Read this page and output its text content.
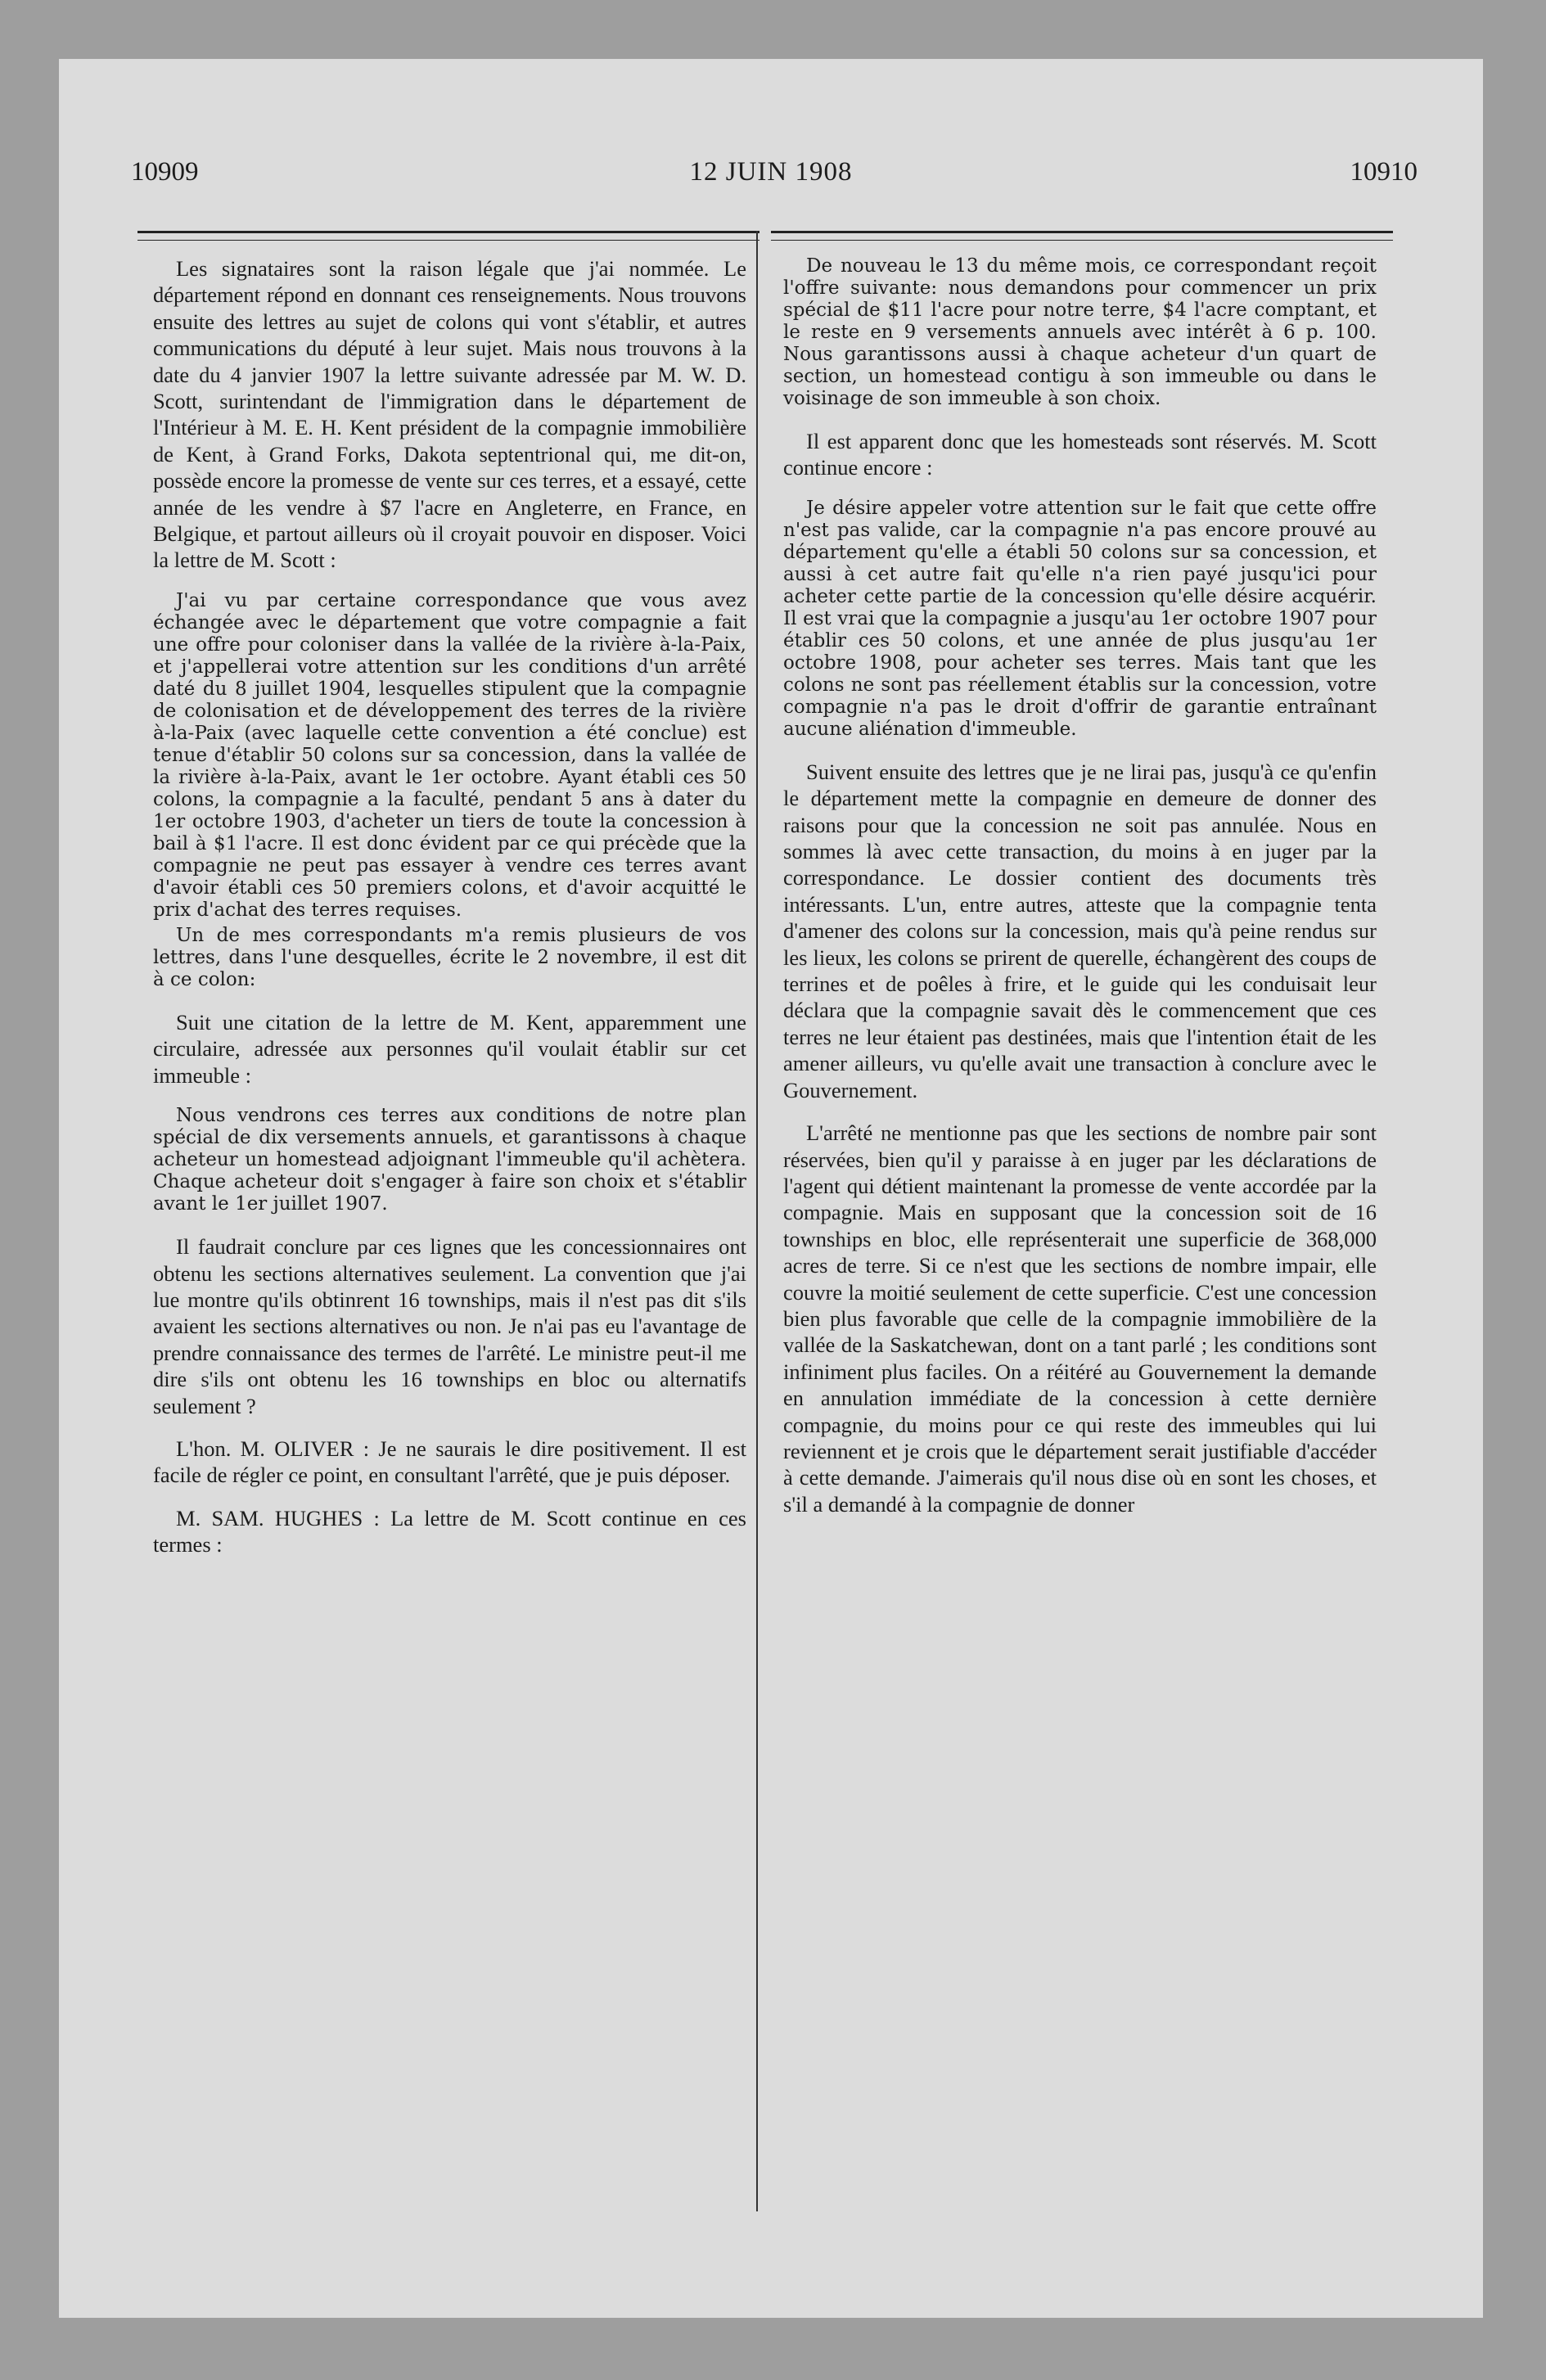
10909	12 JUIN 1908	10910

Les signataires sont la raison légale que j'ai nommée. Le département répond en donnant ces renseignements. Nous trouvons ensuite des lettres au sujet de colons qui vont s'établir, et autres communications du député à leur sujet. Mais nous trouvons à la date du 4 janvier 1907 la lettre suivante adressée par M. W. D. Scott, surintendant de l'immigration dans le département de l'Intérieur à M. E. H. Kent président de la compagnie immobilière de Kent, à Grand Forks, Dakota septentrional qui, me dit-on, possède encore la promesse de vente sur ces terres, et a essayé, cette année de les vendre à $7 l'acre en Angleterre, en France, en Belgique, et partout ailleurs où il croyait pouvoir en disposer. Voici la lettre de M. Scott :

J'ai vu par certaine correspondance que vous avez échangée avec le département que votre compagnie a fait une offre pour coloniser dans la vallée de la rivière à-la-Paix, et j'appellerai votre attention sur les conditions d'un arrêté daté du 8 juillet 1904, lesquelles stipulent que la compagnie de colonisation et de développement des terres de la rivière à-la-Paix (avec laquelle cette convention a été conclue) est tenue d'établir 50 colons sur sa concession, dans la vallée de la rivière à-la-Paix, avant le 1er octobre. Ayant établi ces 50 colons, la compagnie a la faculté, pendant 5 ans à dater du 1er octobre 1903, d'acheter un tiers de toute la concession à bail à $1 l'acre. Il est donc évident par ce qui précède que la compagnie ne peut pas essayer à vendre ces terres avant d'avoir établi ces 50 premiers colons, et d'avoir acquitté le prix d'achat des terres requises.

Un de mes correspondants m'a remis plusieurs de vos lettres, dans l'une desquelles, écrite le 2 novembre, il est dit à ce colon:

Suit une citation de la lettre de M. Kent, apparemment une circulaire, adressée aux personnes qu'il voulait établir sur cet immeuble :

Nous vendrons ces terres aux conditions de notre plan spécial de dix versements annuels, et garantissons à chaque acheteur un homestead adjoignant l'immeuble qu'il achètera. Chaque acheteur doit s'engager à faire son choix et s'établir avant le 1er juillet 1907.

Il faudrait conclure par ces lignes que les concessionnaires ont obtenu les sections alternatives seulement. La convention que j'ai lue montre qu'ils obtinrent 16 townships, mais il n'est pas dit s'ils avaient les sections alternatives ou non. Je n'ai pas eu l'avantage de prendre connaissance des termes de l'arrêté. Le ministre peut-il me dire s'ils ont obtenu les 16 townships en bloc ou alternatifs seulement ?

L'hon. M. OLIVER : Je ne saurais le dire positivement. Il est facile de régler ce point, en consultant l'arrêté, que je puis déposer.

M. SAM. HUGHES : La lettre de M. Scott continue en ces termes :

De nouveau le 13 du même mois, ce correspondant reçoit l'offre suivante: nous demandons pour commencer un prix spécial de $11 l'acre pour notre terre, $4 l'acre comptant, et le reste en 9 versements annuels avec intérêt à 6 p. 100. Nous garantissons aussi à chaque acheteur d'un quart de section, un homestead contigu à son immeuble ou dans le voisinage de son immeuble à son choix.

Il est apparent donc que les homesteads sont réservés. M. Scott continue encore :

Je désire appeler votre attention sur le fait que cette offre n'est pas valide, car la compagnie n'a pas encore prouvé au département qu'elle a établi 50 colons sur sa concession, et aussi à cet autre fait qu'elle n'a rien payé jusqu'ici pour acheter cette partie de la concession qu'elle désire acquérir. Il est vrai que la compagnie a jusqu'au 1er octobre 1907 pour établir ces 50 colons, et une année de plus jusqu'au 1er octobre 1908, pour acheter ses terres. Mais tant que les colons ne sont pas réellement établis sur la concession, votre compagnie n'a pas le droit d'offrir de garantie entraînant aucune aliénation d'immeuble.

Suivent ensuite des lettres que je ne lirai pas, jusqu'à ce qu'enfin le département mette la compagnie en demeure de donner des raisons pour que la concession ne soit pas annulée. Nous en sommes là avec cette transaction, du moins à en juger par la correspondance. Le dossier contient des documents très intéressants. L'un, entre autres, atteste que la compagnie tenta d'amener des colons sur la concession, mais qu'à peine rendus sur les lieux, les colons se prirent de querelle, échangèrent des coups de terrines et de poêles à frire, et le guide qui les conduisait leur déclara que la compagnie savait dès le commencement que ces terres ne leur étaient pas destinées, mais que l'intention était de les amener ailleurs, vu qu'elle avait une transaction à conclure avec le Gouvernement.

L'arrêté ne mentionne pas que les sections de nombre pair sont réservées, bien qu'il y paraisse à en juger par les déclarations de l'agent qui détient maintenant la promesse de vente accordée par la compagnie. Mais en supposant que la concession soit de 16 townships en bloc, elle représenterait une superficie de 368,000 acres de terre. Si ce n'est que les sections de nombre impair, elle couvre la moitié seulement de cette superficie. C'est une concession bien plus favorable que celle de la compagnie immobilière de la vallée de la Saskatchewan, dont on a tant parlé ; les conditions sont infiniment plus faciles. On a réitéré au Gouvernement la demande en annulation immédiate de la concession à cette dernière compagnie, du moins pour ce qui reste des immeubles qui lui reviennent et je crois que le département serait justifiable d'accéder à cette demande. J'aimerais qu'il nous dise où en sont les choses, et s'il a demandé à la compagnie de donner
